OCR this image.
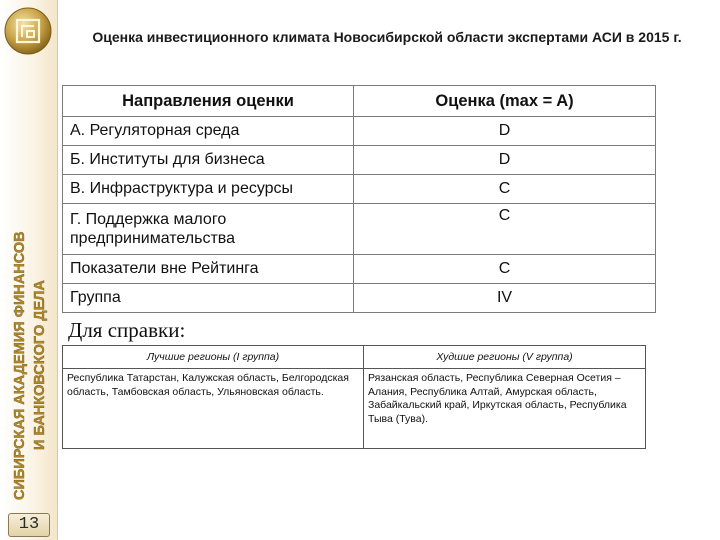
СИБИРСКАЯ АКАДЕМИЯ ФИНАНСОВ И БАНКОВСКОГО ДЕЛА
13
Оценка инвестиционного климата Новосибирской области экспертами АСИ в 2015 г.
Направления оценки	Оценка (max = A)
А. Регуляторная среда	D
Б. Институты для бизнеса	D
В. Инфраструктура и ресурсы	C
Г. Поддержка малого предпринимательства	C
Показатели вне Рейтинга	C
Группа	IV
Для справки:
Лучшие регионы (I группа)	Худшие регионы (V группа)
Республика Татарстан, Калужская область, Белгородская область, Тамбовская область, Ульяновская область.	Рязанская область, Республика Северная Осетия – Алания, Республика Алтай, Амурская область, Забайкальский край, Иркутская область, Республика Тыва (Тува).
